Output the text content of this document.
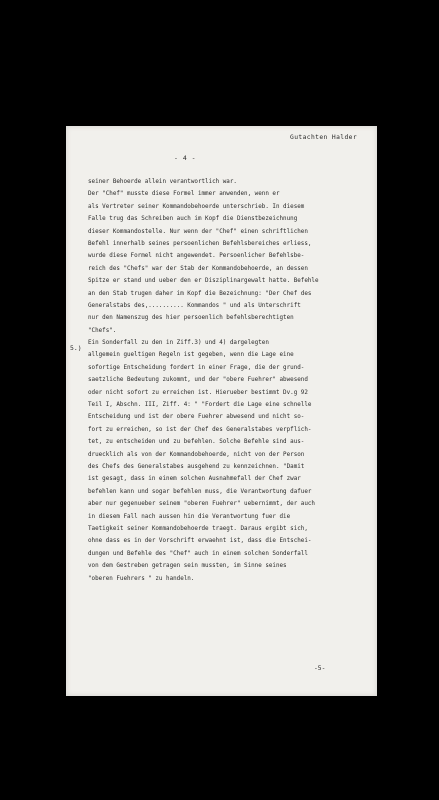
Gutachten Halder

- 4 -

5.)

seiner Behoerde allein verantwortlich war.
Der "Chef" musste diese Formel immer anwenden, wenn er
als Vertreter seiner Kommandobehoerde unterschrieb. In diesem
Falle trug das Schreiben auch im Kopf die Dienstbezeichnung
dieser Kommandostelle. Nur wenn der "Chef" einen schriftlichen
Befehl innerhalb seines persoenlichen Befehlsbereiches erliess,
wurde diese Formel nicht angewendet. Persoenlicher Befehlsbe-
reich des "Chefs" war der Stab der Kommandobehoerde, an dessen
Spitze er stand und ueber den er Disziplinargewalt hatte. Befehle
an den Stab trugen daher im Kopf die Bezeichnung: "Der Chef des
Generalstabs des,.......... Kommandos " und als Unterschrift
nur den Namenszug des hier persoenlich befehlsberechtigten
"Chefs".
Ein Sonderfall zu den in Ziff.3) und 4) dargelegten
allgemein gueltigen Regeln ist gegeben, wenn die Lage eine
sofortige Entscheidung fordert in einer Frage, die der grund-
saetzliche Bedeutung zukommt, und der "obere Fuehrer" abwesend
oder nicht sofort zu erreichen ist. Hierueber bestimmt Dv.g 92
Teil I, Abschn. III, Ziff. 4: " "Fordert die Lage eine schnelle
Entscheidung und ist der obere Fuehrer abwesend und nicht so-
fort zu erreichen, so ist der Chef des Generalstabes verpflich-
tet, zu entscheiden und zu befehlen. Solche Befehle sind aus-
druecklich als von der Kommandobehoerde, nicht von der Person
des Chefs des Generalstabes ausgehend zu kennzeichnen. "Damit
ist gesagt, dass in einem solchen Ausnahmefall der Chef zwar
befehlen kann und sogar befehlen muss, die Verantwortung dafuer
aber nur gegenueber seinem "oberen Fuehrer" uebernimmt, der auch
in diesem Fall nach aussen hin die Verantwortung fuer die
Taetigkeit seiner Kommandobehoerde traegt. Daraus ergibt sich,
ohne dass es in der Vorschrift erwaehnt ist, dass die Entschei-
dungen und Befehle des "Chef" auch in einem solchen Sonderfall
von dem Gestreben getragen sein mussten, im Sinne seines
"oberen Fuehrers " zu handeln.

-5-
